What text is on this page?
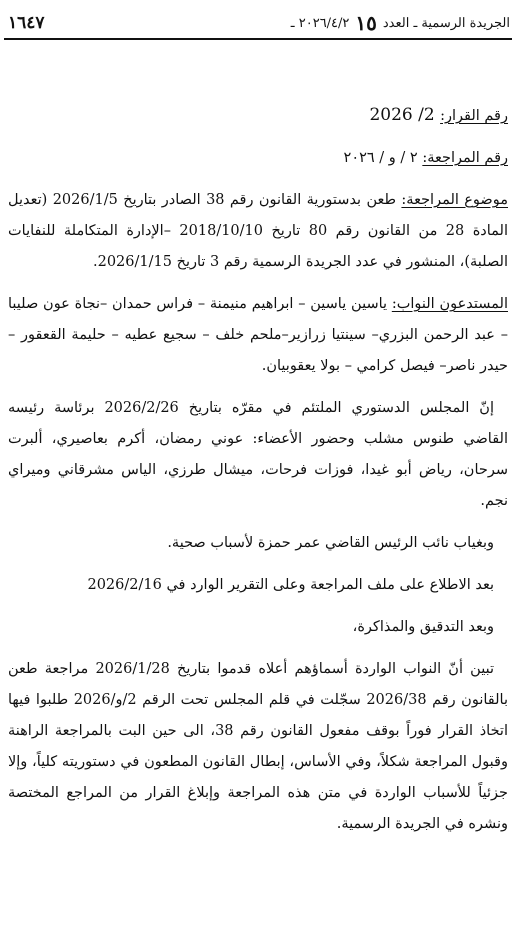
الجريدة الرسمية ـ العدد
١٥
٢٠٢٦/٤/٢ ـ
١٦٤٧

رقم القرار: 2/ 2026

رقم المراجعة: ٢ / و / ٢٠٢٦

موضوع المراجعة: طعن بدستورية القانون رقم 38 الصادر بتاريخ 2026/1/5 (تعديل المادة 28 من القانون رقم 80 تاريخ 2018/10/10 –الإدارة المتكاملة للنفايات الصلبة)، المنشور في عدد الجريدة الرسمية رقم 3 تاريخ 2026/1/15.

المستدعون النواب: ياسين ياسين – ابراهيم منيمنة – فراس حمدان –نجاة عون صليبا – عبد الرحمن البزري– سينتيا زرازير–ملحم خلف – سجيع عطيه – حليمة القعقور – حيدر ناصر– فيصل كرامي – بولا يعقوبيان.

إنّ المجلس الدستوري الملتئم في مقرّه بتاريخ 2026/2/26 برئاسة رئيسه القاضي طنوس مشلب وحضور الأعضاء: عوني رمضان، أكرم بعاصيري، ألبرت سرحان، رياض أبو غيدا، فوزات فرحات، ميشال طرزي، الياس مشرقاني وميراي نجم.

وبغياب نائب الرئيس القاضي عمر حمزة لأسباب صحية.

بعد الاطلاع على ملف المراجعة وعلى التقرير الوارد في 2026/2/16

وبعد التدقيق والمذاكرة،

تبين أنّ النواب الواردة أسماؤهم أعلاه قدموا بتاريخ 2026/1/28 مراجعة طعن بالقانون رقم 2026/38 سجّلت في قلم المجلس تحت الرقم 2/و/2026 طلبوا فيها اتخاذ القرار فوراً بوقف مفعول القانون رقم 38، الى حين البت بالمراجعة الراهنة وقبول المراجعة شكلاً، وفي الأساس، إبطال القانون المطعون في دستوريته كلياً، وإلا جزئياً للأسباب الواردة في متن هذه المراجعة وإبلاغ القرار من المراجع المختصة ونشره في الجريدة الرسمية.
